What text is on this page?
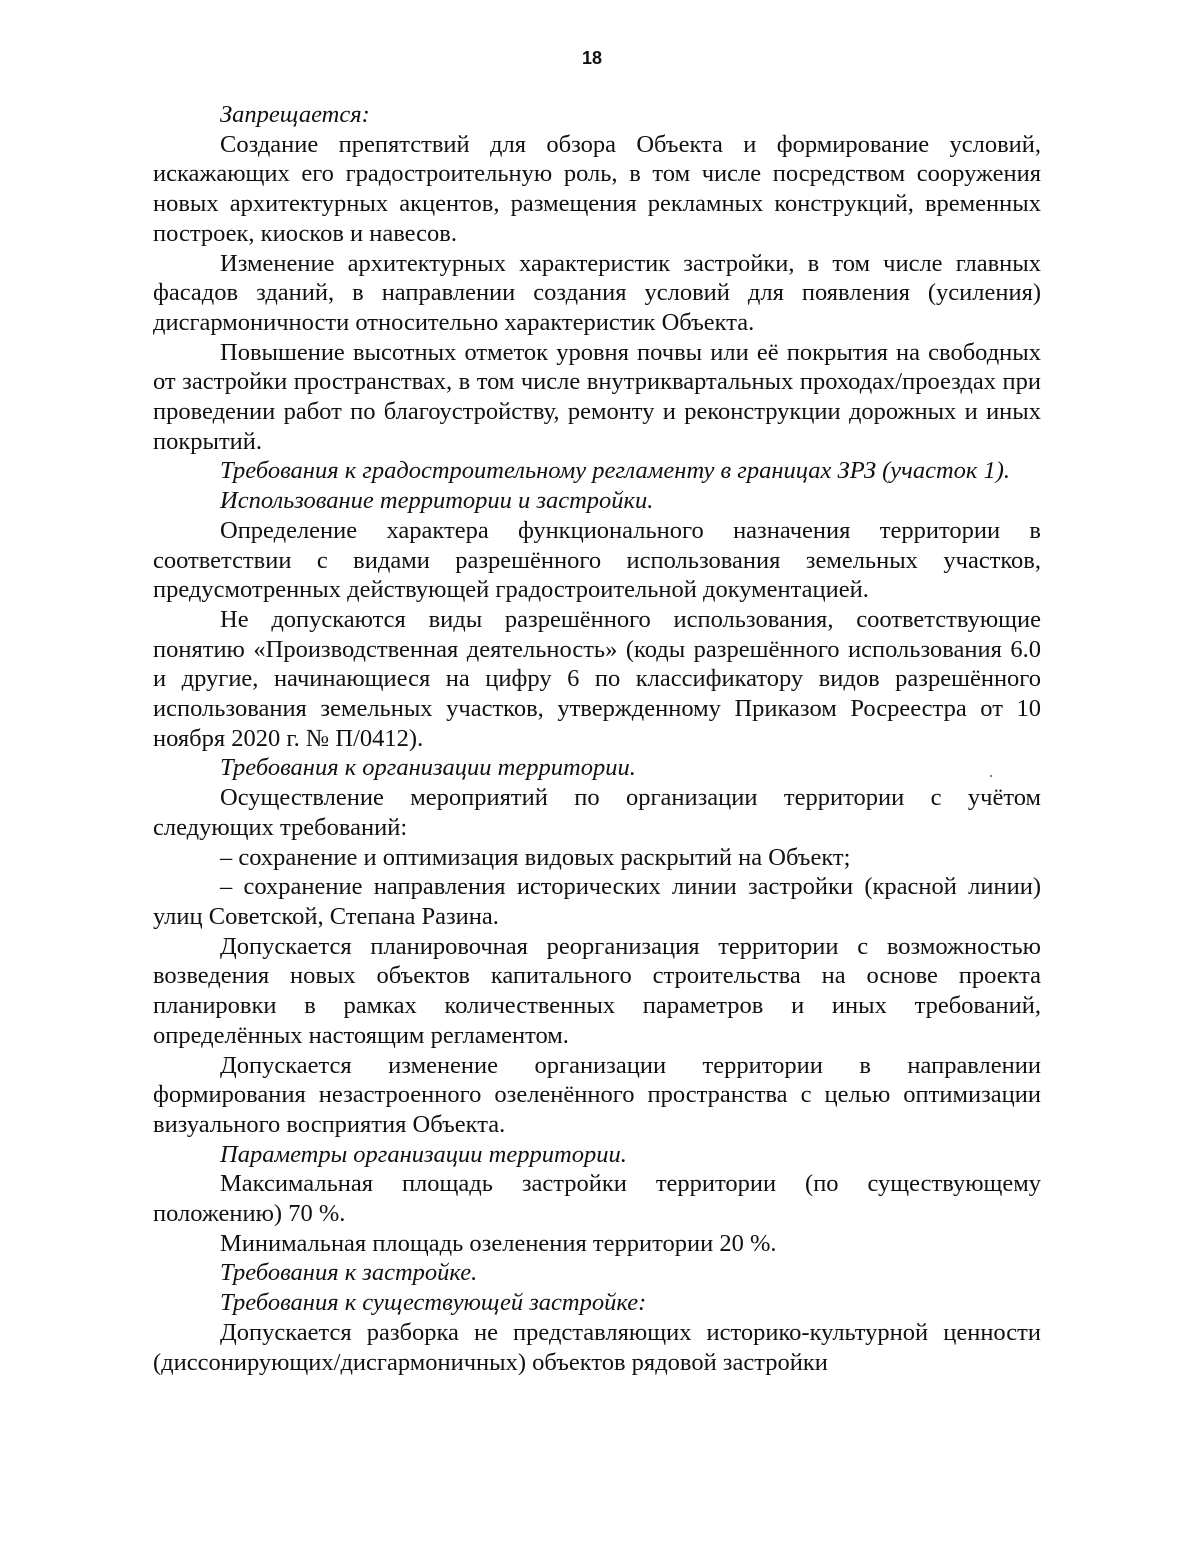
18

Запрещается:

Создание препятствий для обзора Объекта и формирование условий, искажающих его градостроительную роль, в том числе посредством сооружения новых архитектурных акцентов, размещения рекламных конструкций, временных построек, киосков и навесов.

Изменение архитектурных характеристик застройки, в том числе главных фасадов зданий, в направлении создания условий для появления (усиления) дисгармоничности относительно характеристик Объекта.

Повышение высотных отметок уровня почвы или её покрытия на свободных от застройки пространствах, в том числе внутриквартальных проходах/проездах при проведении работ по благоустройству, ремонту и реконструкции дорожных и иных покрытий.

Требования к градостроительному регламенту в границах ЗРЗ (участок 1).

Использование территории и застройки.

Определение характера функционального назначения территории в соответствии с видами разрешённого использования земельных участков, предусмотренных действующей градостроительной документацией.

Не допускаются виды разрешённого использования, соответствующие понятию «Производственная деятельность» (коды разрешённого использования 6.0 и другие, начинающиеся на цифру 6 по классификатору видов разрешённого использования земельных участков, утвержденному Приказом Росреестра от 10 ноября 2020 г. № П/0412).

Требования к организации территории.

Осуществление мероприятий по организации территории с учётом следующих требований:

– сохранение и оптимизация видовых раскрытий на Объект;

– сохранение направления исторических линии застройки (красной линии) улиц Советской, Степана Разина.

Допускается планировочная реорганизация территории с возможностью возведения новых объектов капитального строительства на основе проекта планировки в рамках количественных параметров и иных требований, определённых настоящим регламентом.

Допускается изменение организации территории в направлении формирования незастроенного озеленённого пространства с целью оптимизации визуального восприятия Объекта.

Параметры организации территории.

Максимальная площадь застройки территории (по существующему положению) 70 %.

Минимальная площадь озеленения территории 20 %.

Требования к застройке.

Требования к существующей застройке:

Допускается разборка не представляющих историко-культурной ценности (диссонирующих/дисгармоничных) объектов рядовой застройки
